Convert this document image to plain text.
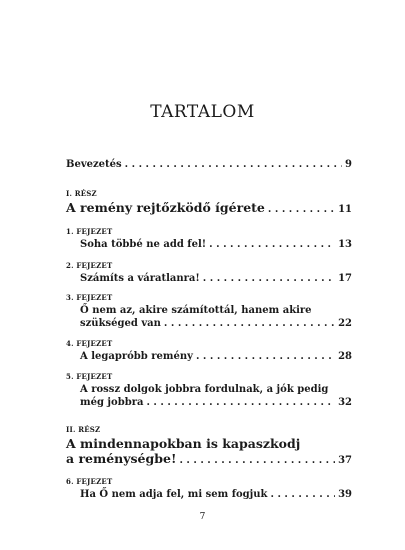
TARTALOM
Bevezetés . . .	9
I. RÉSZ
A remény rejtőzködő ígérete . . .	11
1. FEJEZET
Soha többé ne add fel! . . .	13
2. FEJEZET
Számíts a váratlanra! . . .	17
3. FEJEZET
Ő nem az, akire számítottál, hanem akire
szükséged van . . .	22
4. FEJEZET
A legapróbb remény . . .	28
5. FEJEZET
A rossz dolgok jobbra fordulnak, a jók pedig
még jobbra . . .	32
II. RÉSZ
A mindennapokban is kapaszkodj
a reménységbe! . . .	37
6. FEJEZET
Ha Ő nem adja fel, mi sem fogjuk . . .	39
7
